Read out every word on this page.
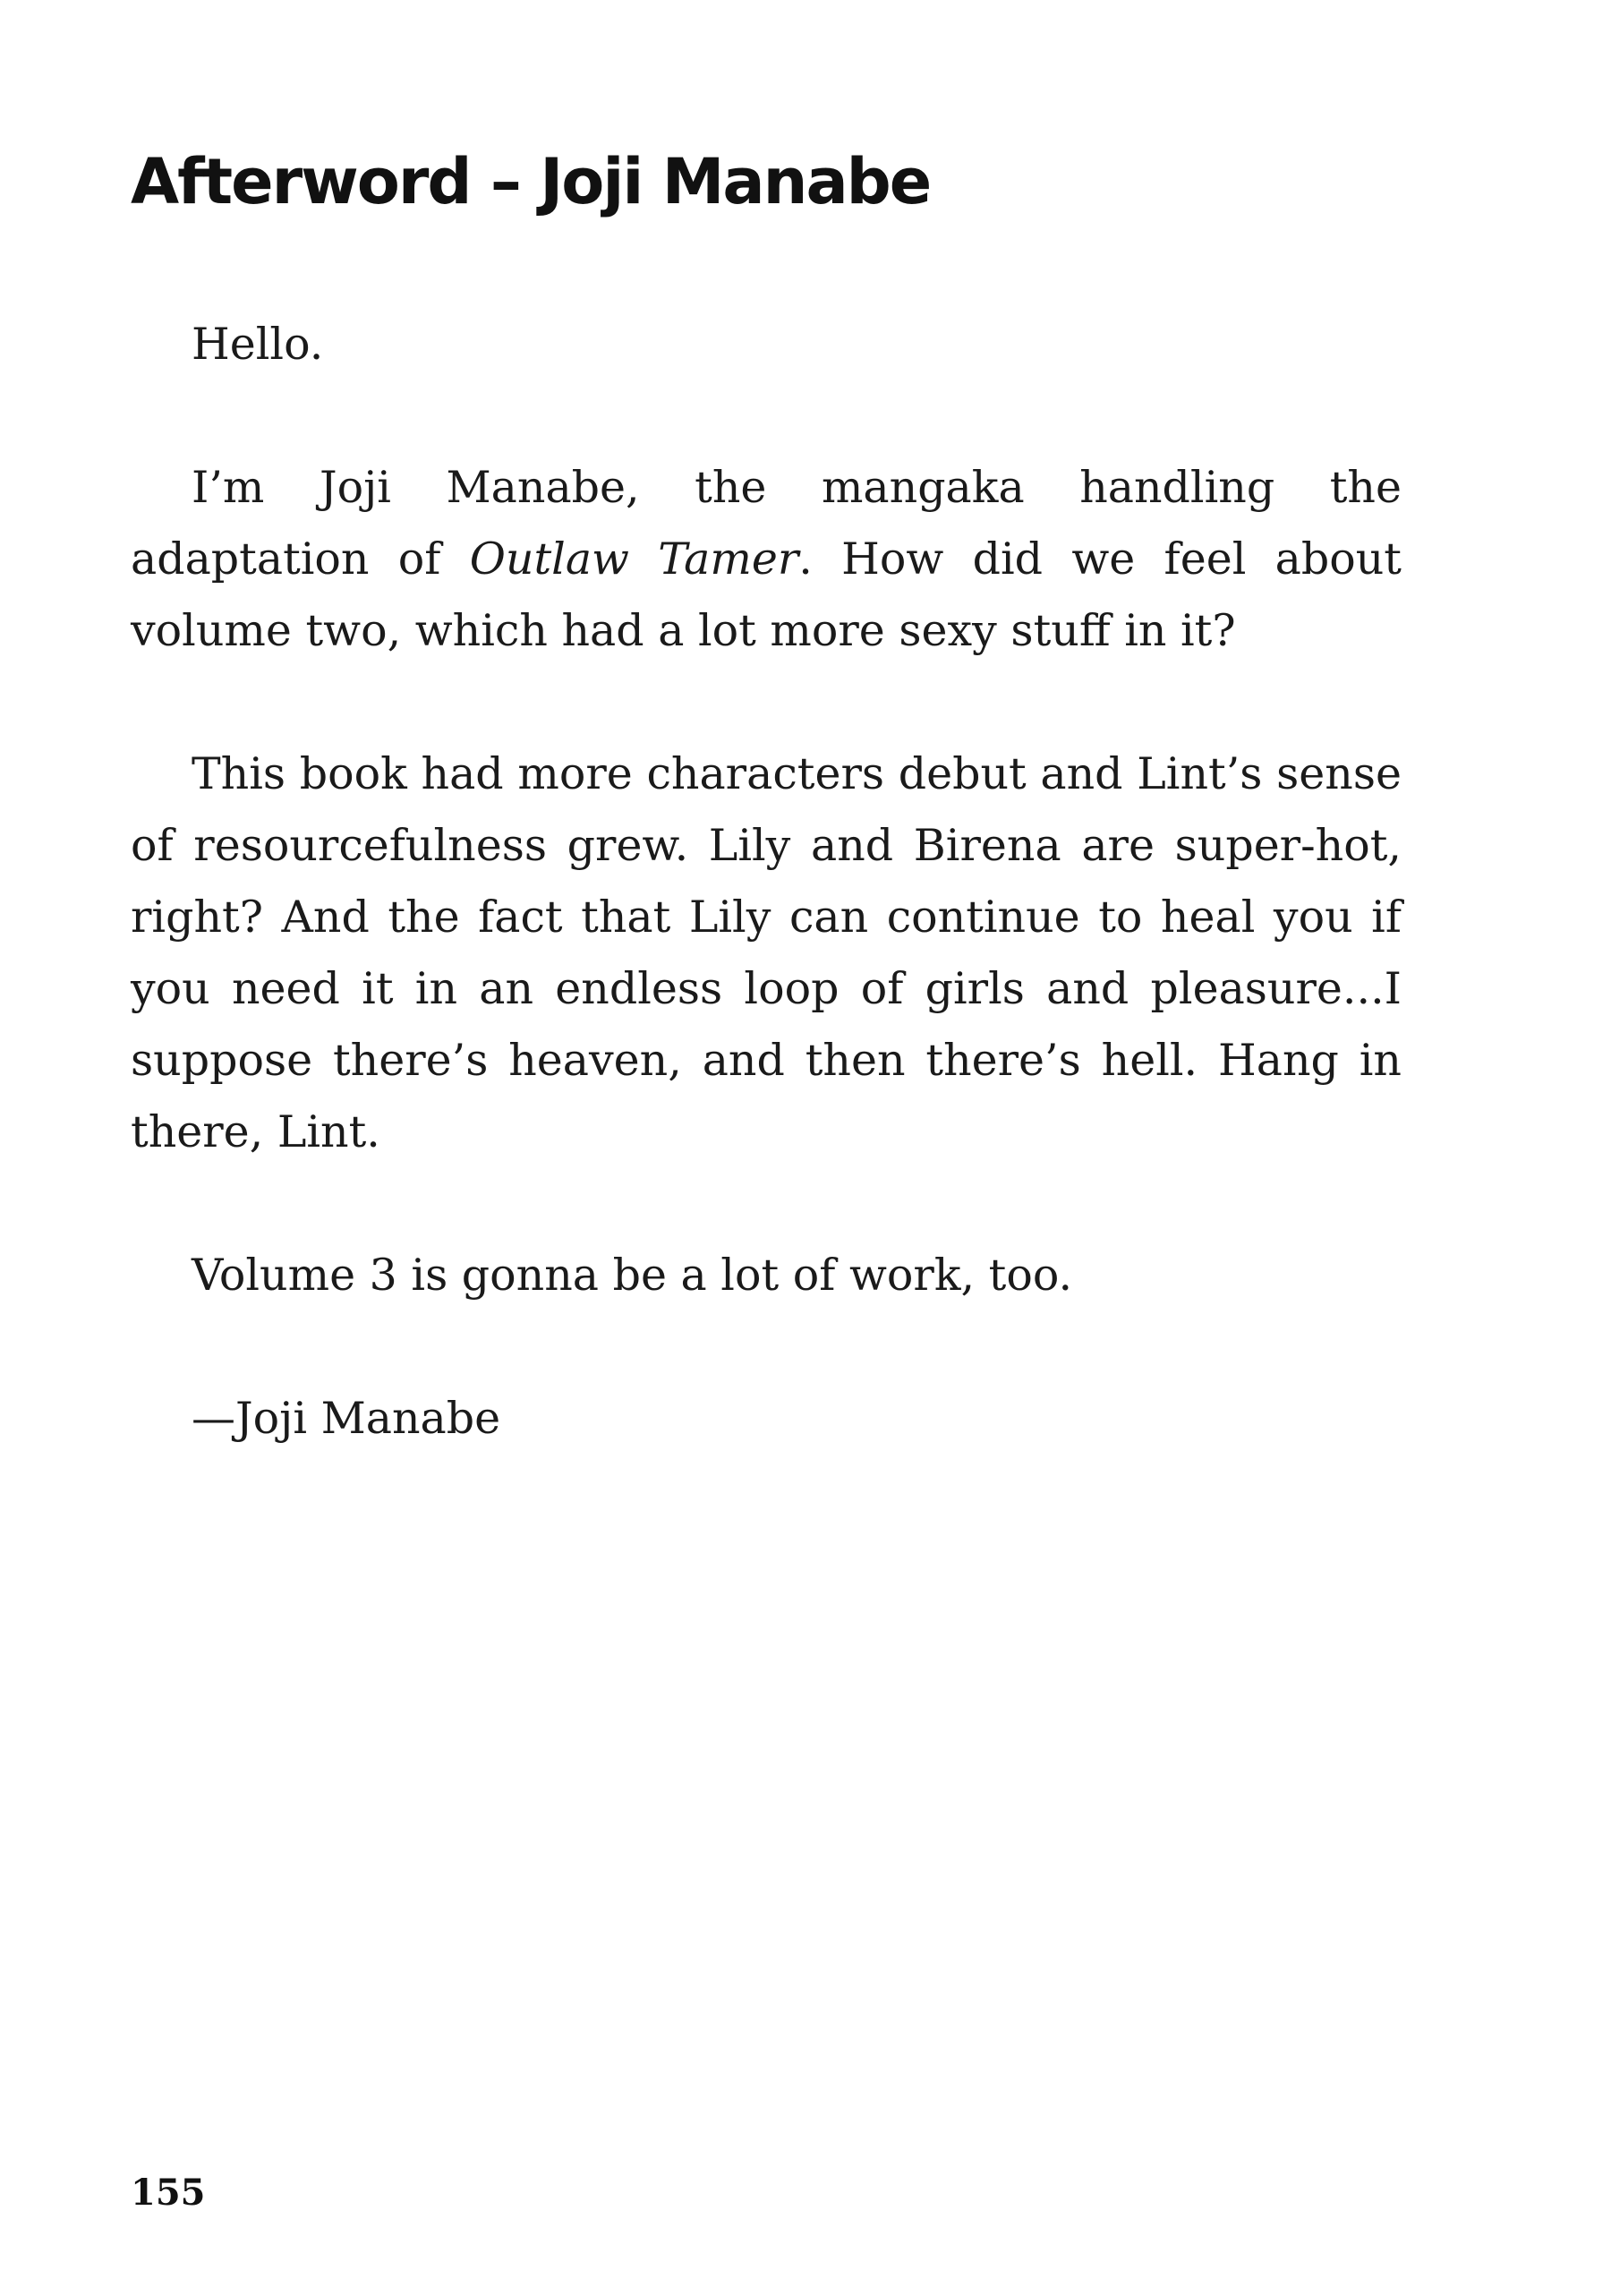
Afterword – Joji Manabe

Hello.

I’m Joji Manabe, the mangaka handling the adaptation of Outlaw Tamer. How did we feel about volume two, which had a lot more sexy stuff in it?

This book had more characters debut and Lint’s sense of resourcefulness grew. Lily and Birena are super-hot, right? And the fact that Lily can continue to heal you if you need it in an endless loop of girls and pleasure...I suppose there’s heaven, and then there’s hell. Hang in there, Lint.

Volume 3 is gonna be a lot of work, too.

—Joji Manabe

155
